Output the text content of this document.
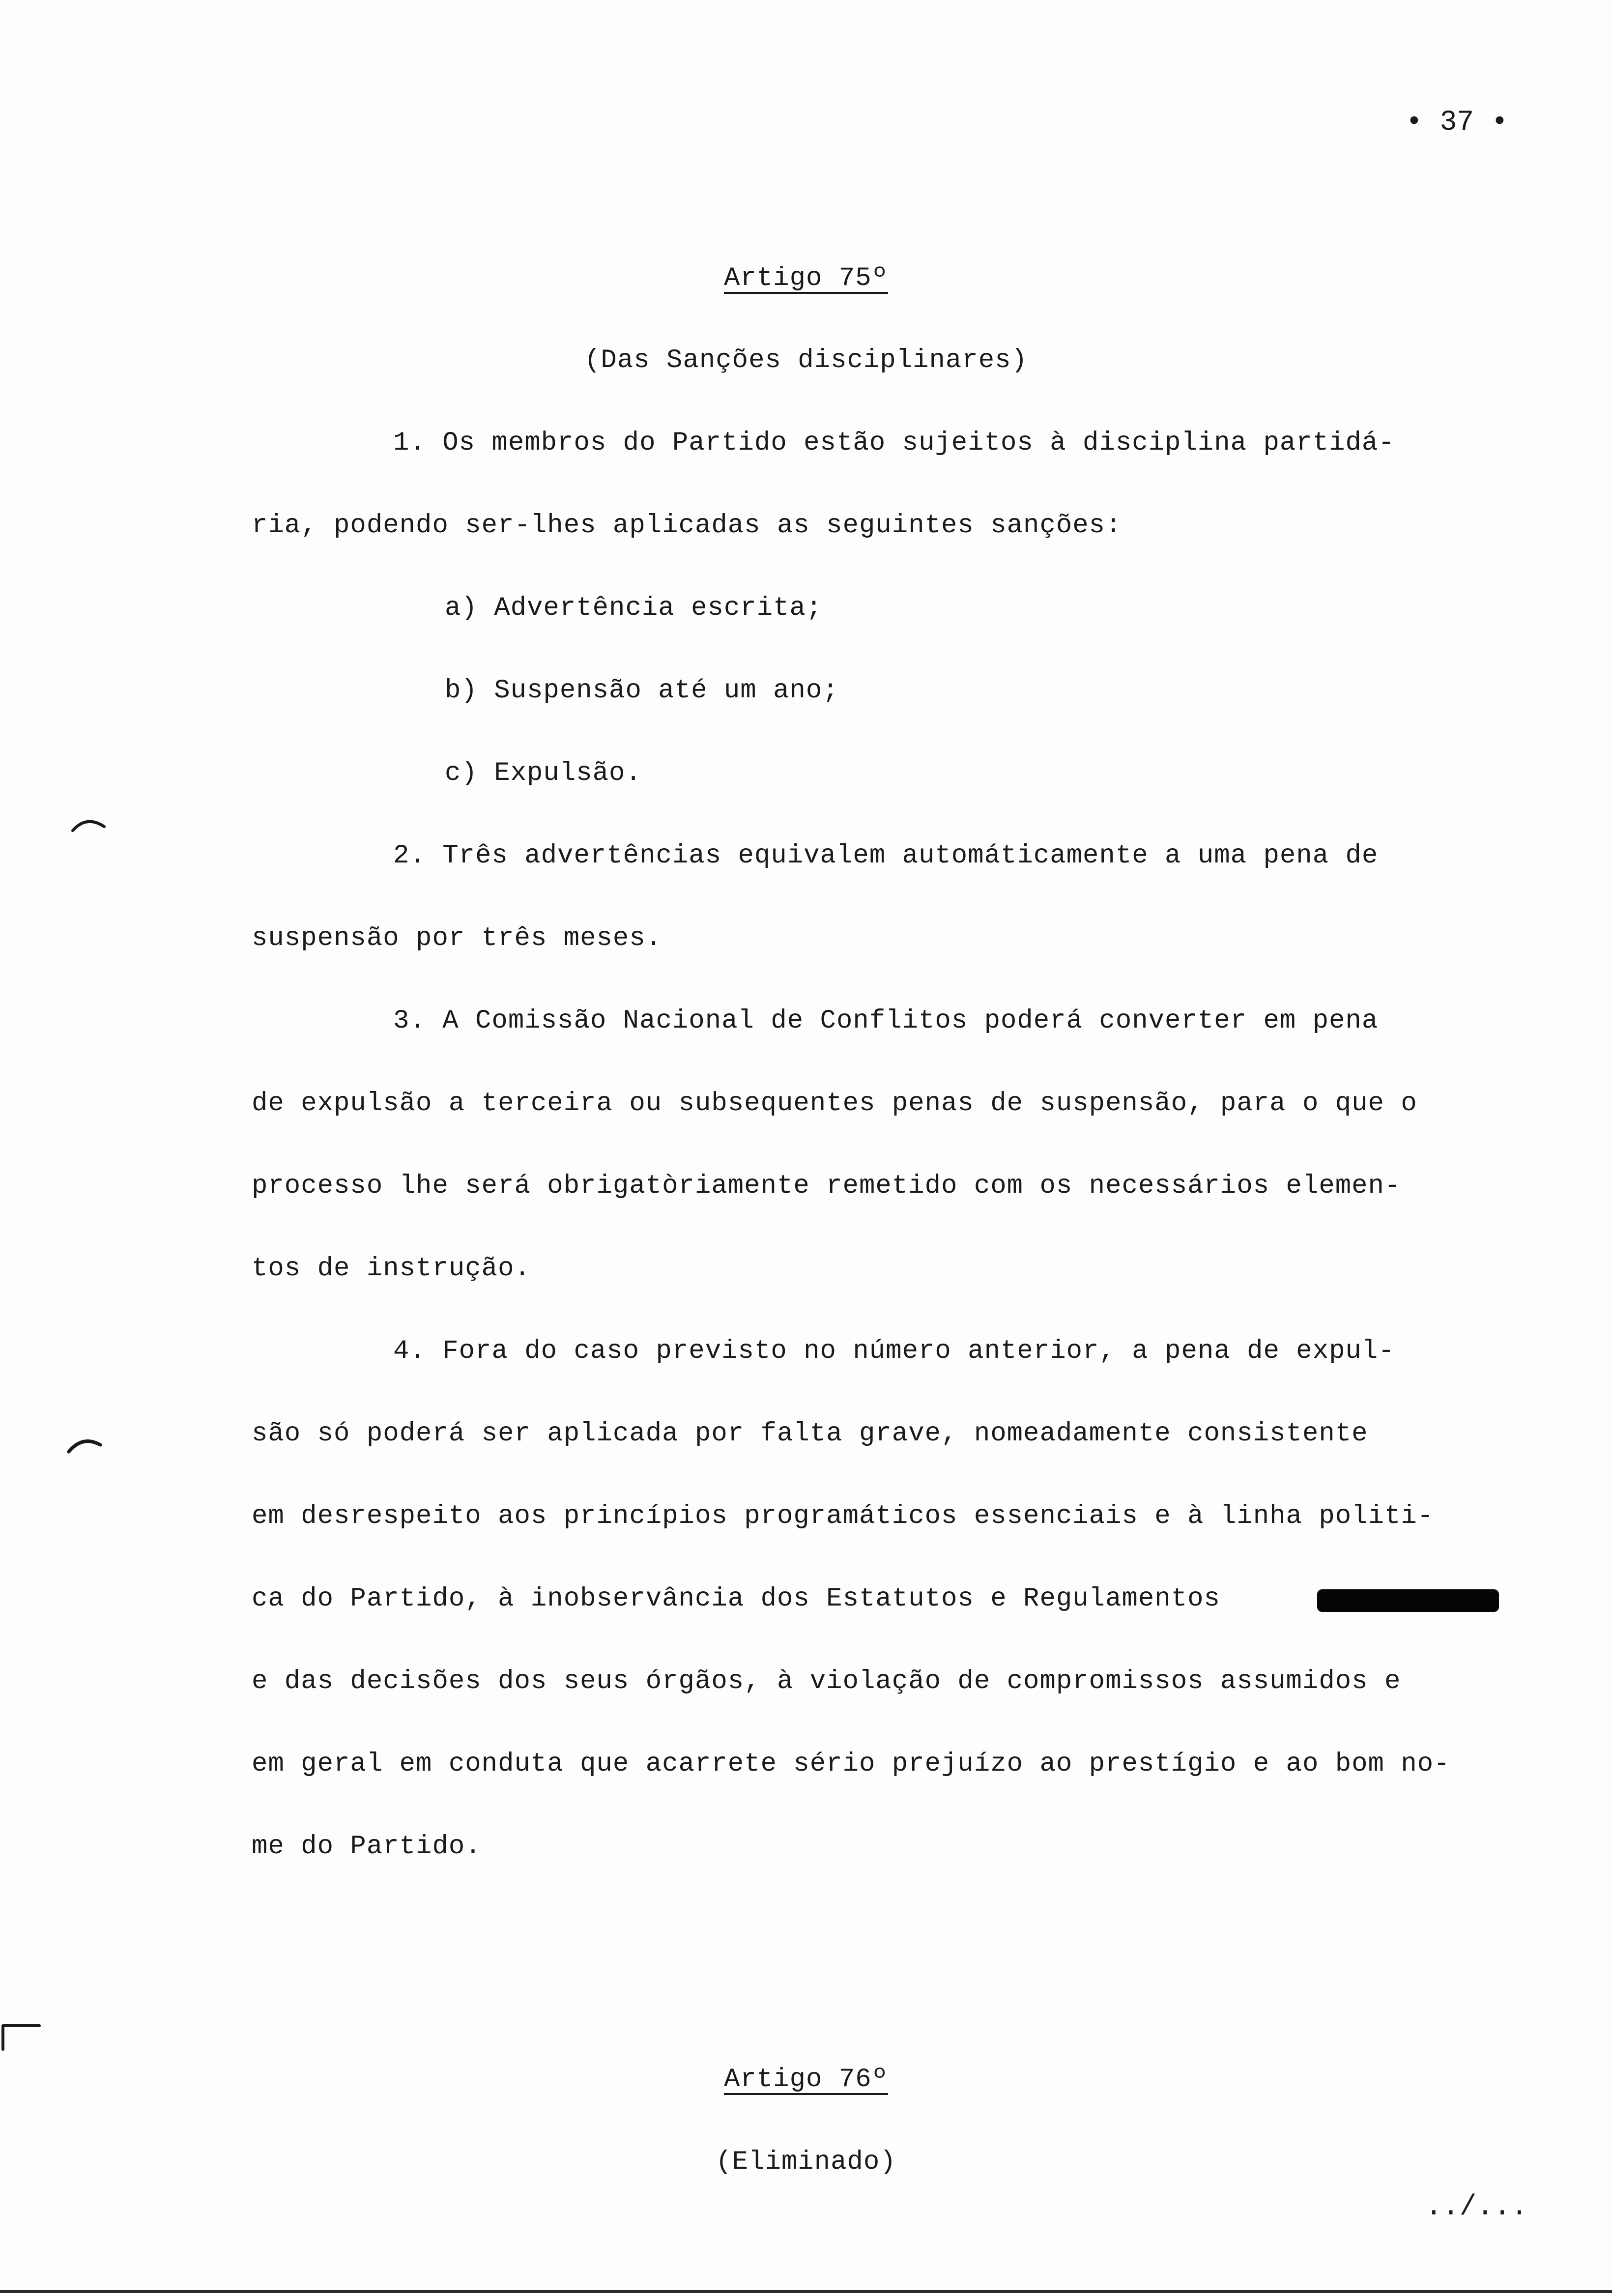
• 37 •
Artigo 75º
(Das Sanções disciplinares)
1. Os membros do Partido estão sujeitos à disciplina partidá-
ria, podendo ser-lhes aplicadas as seguintes sanções:
a) Advertência escrita;
b) Suspensão até um ano;
c) Expulsão.
2. Três advertências equivalem automáticamente a uma pena de
suspensão por três meses.
3. A Comissão Nacional de Conflitos poderá converter em pena
de expulsão a terceira ou subsequentes penas de suspensão, para o que o
processo lhe será obrigatòriamente remetido com os necessários elemen-
tos de instrução.
4. Fora do caso previsto no número anterior, a pena de expul-
são só poderá ser aplicada por falta grave, nomeadamente consistente
em desrespeito aos princípios programáticos essenciais e à linha politi-
ca do Partido, à inobservância dos Estatutos e Regulamentos
e das decisões dos seus órgãos, à violação de compromissos assumidos e
em geral em conduta que acarrete sério prejuízo ao prestígio e ao bom no-
me do Partido.
Artigo 76º
(Eliminado)
../...
